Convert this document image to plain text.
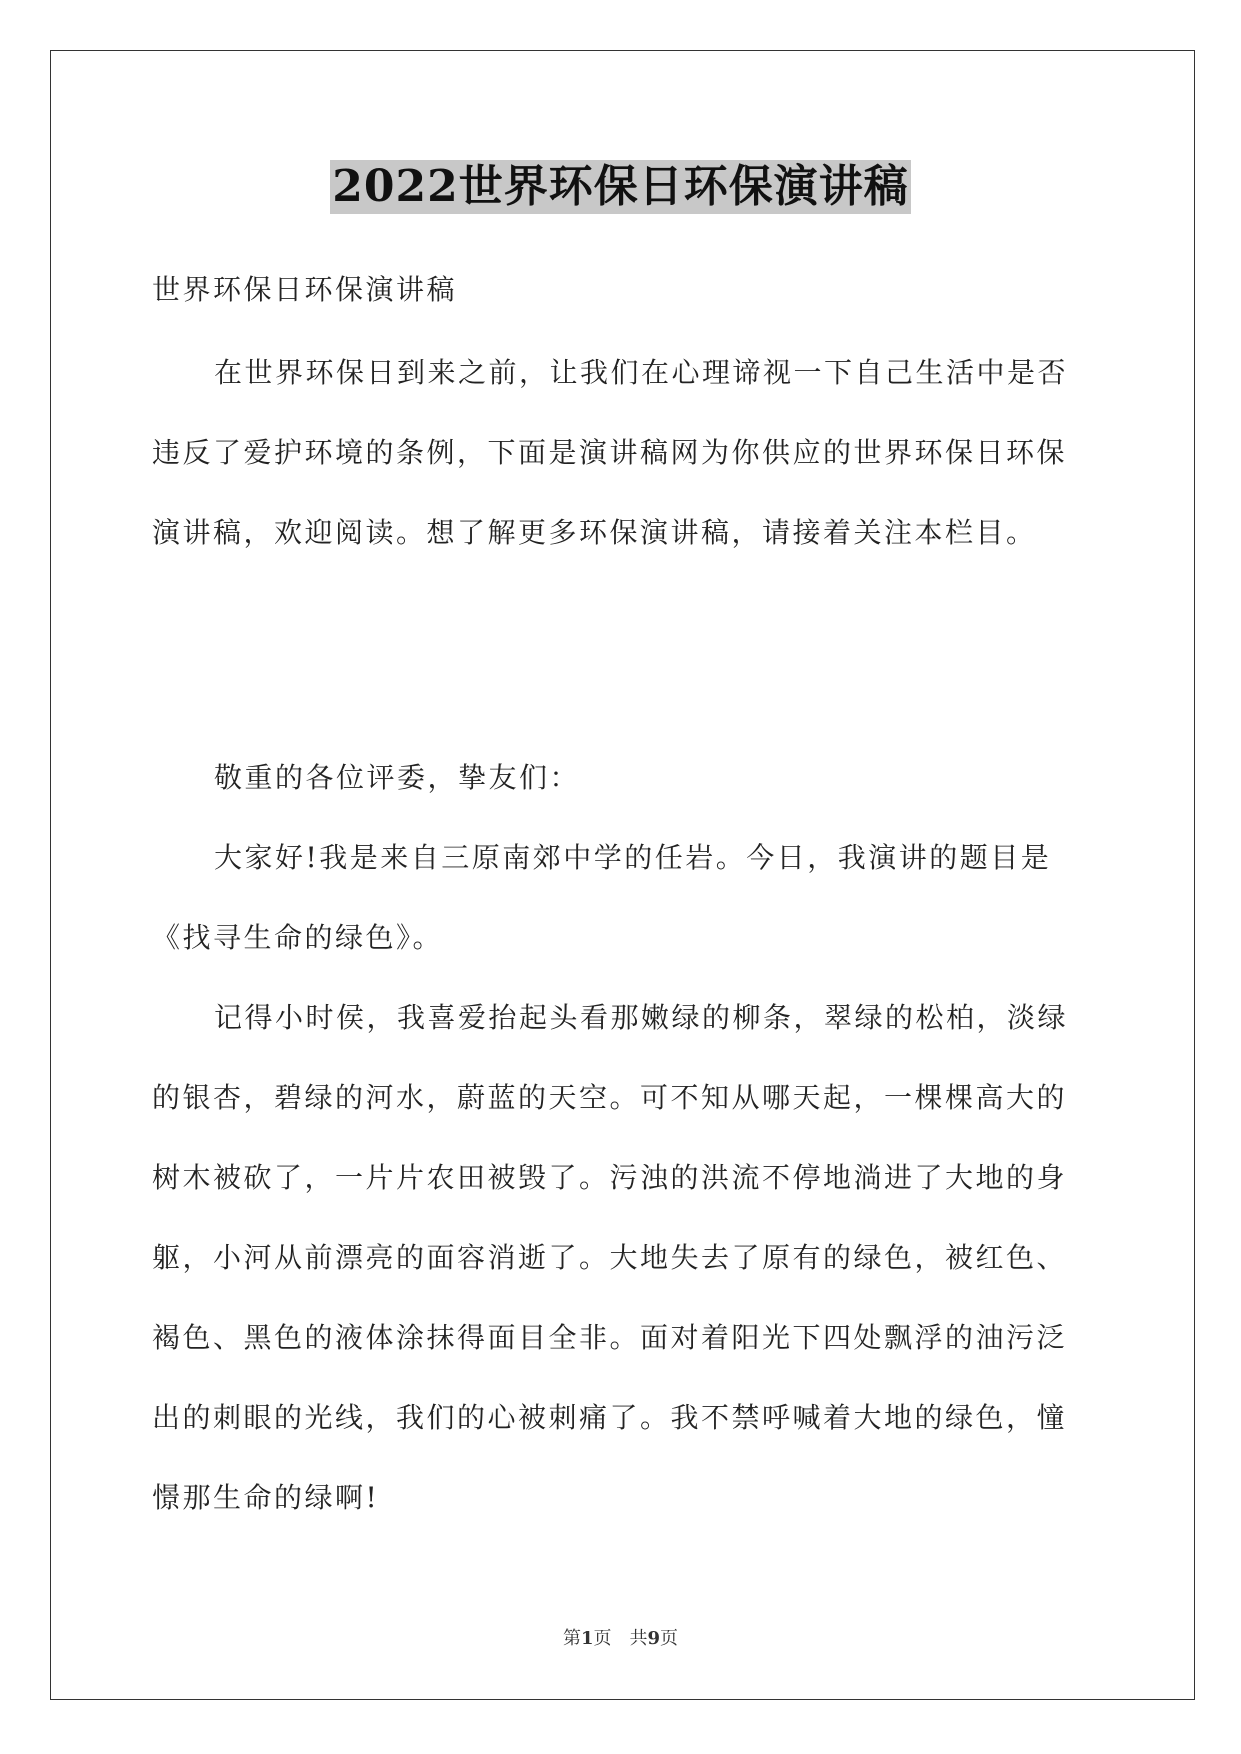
2022世界环保日环保演讲稿

世界环保日环保演讲稿

在世界环保日到来之前，让我们在心理谛视一下自己生活中是否违反了爱护环境的条例，下面是演讲稿网为你供应的世界环保日环保演讲稿，欢迎阅读。想了解更多环保演讲稿，请接着关注本栏目。

敬重的各位评委，挚友们：

大家好!我是来自三原南郊中学的任岩。今日，我演讲的题目是《找寻生命的绿色》。

记得小时侯，我喜爱抬起头看那嫩绿的柳条，翠绿的松柏，淡绿的银杏，碧绿的河水，蔚蓝的天空。可不知从哪天起，一棵棵高大的树木被砍了，一片片农田被毁了。污浊的洪流不停地淌进了大地的身躯，小河从前漂亮的面容消逝了。大地失去了原有的绿色，被红色、褐色、黑色的液体涂抹得面目全非。面对着阳光下四处飘浮的油污泛出的刺眼的光线，我们的心被刺痛了。我不禁呼喊着大地的绿色，憧憬那生命的绿啊!

第1页　共9页
